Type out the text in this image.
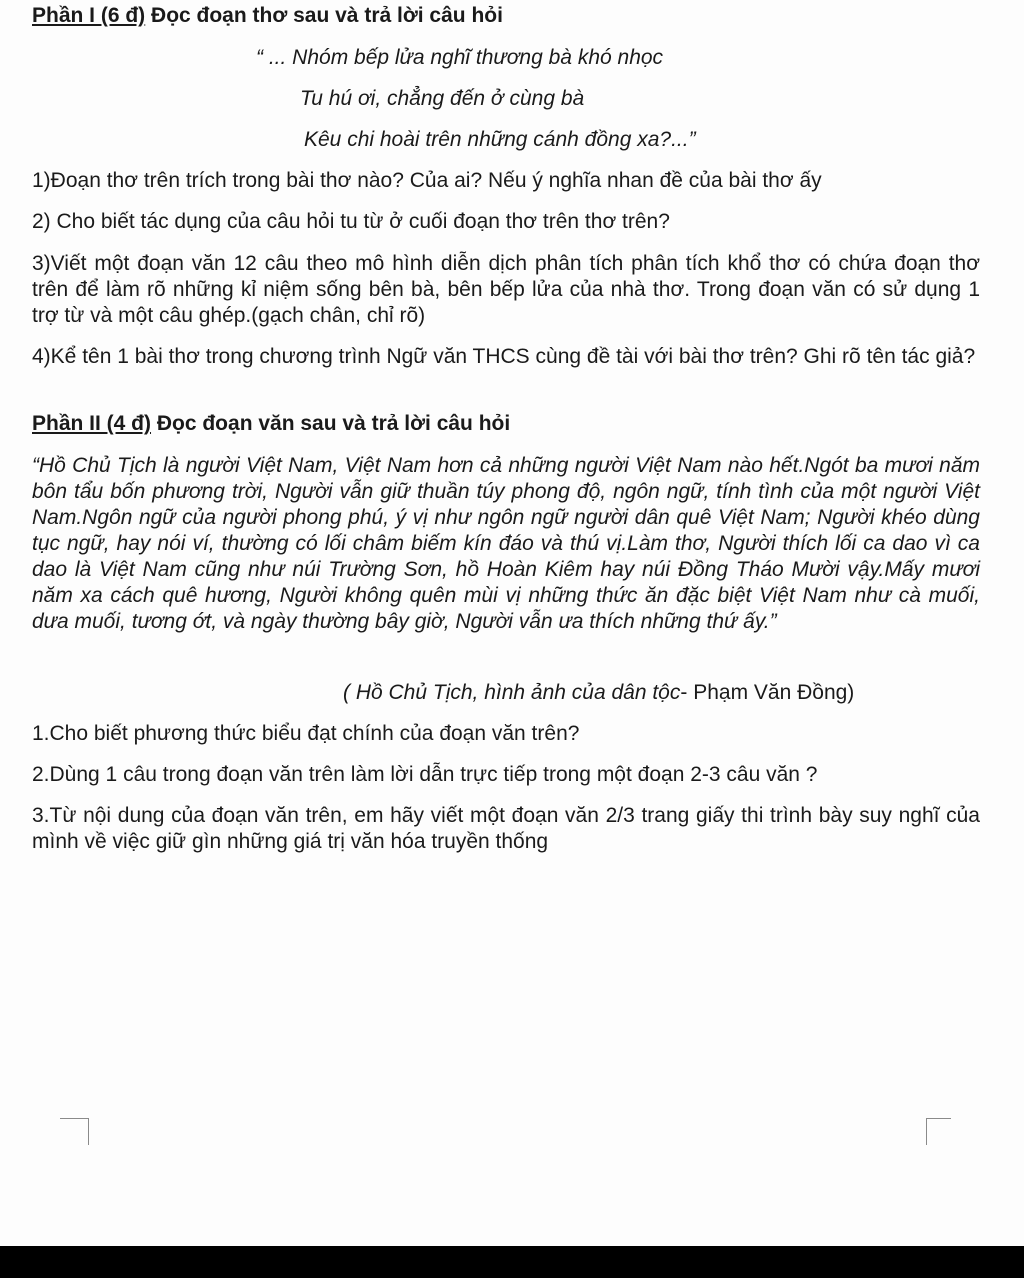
Phần I (6 đ) Đọc đoạn thơ sau và trả lời câu hỏi

“ ... Nhóm bếp lửa nghĩ thương bà khó nhọc

Tu hú ơi, chẳng đến ở cùng bà

Kêu chi hoài trên những cánh đồng xa?...”

1)Đoạn thơ trên trích trong bài thơ nào? Của ai? Nếu ý nghĩa nhan đề của bài thơ ấy

2) Cho biết tác dụng của câu hỏi tu từ ở cuối đoạn thơ trên thơ trên?

3)Viết một đoạn văn 12 câu theo mô hình diễn dịch phân tích phân tích khổ thơ có chứa đoạn thơ trên để làm rõ những kỉ niệm sống bên bà, bên bếp lửa của nhà thơ. Trong đoạn văn có sử dụng 1 trợ từ và một câu ghép.(gạch chân, chỉ rõ)

4)Kể tên 1 bài thơ trong chương trình Ngữ văn THCS cùng đề tài với bài thơ trên? Ghi rõ tên tác giả?

Phần II (4 đ) Đọc đoạn văn sau và trả lời câu hỏi

“Hồ Chủ Tịch là người Việt Nam, Việt Nam hơn cả những người Việt Nam nào hết.Ngót ba mươi năm bôn tẩu bốn phương trời, Người vẫn giữ thuần túy phong độ, ngôn ngữ, tính tình của một người Việt Nam.Ngôn ngữ của người phong phú, ý vị như ngôn ngữ người dân quê Việt Nam; Người khéo dùng tục ngữ, hay nói ví, thường có lối châm biếm kín đáo và thú vị.Làm thơ, Người thích lối ca dao vì ca dao là Việt Nam cũng như núi Trường Sơn, hồ Hoàn Kiêm hay núi Đồng Tháo Mười vậy.Mấy mươi năm xa cách quê hương, Người không quên mùi vị những thức ăn đặc biệt Việt Nam như cà muối, dưa muối, tương ớt, và ngày thường bây giờ, Người vẫn ưa thích những thứ ấy.”

( Hồ Chủ Tịch, hình ảnh của dân tộc- Phạm Văn Đồng)

1.Cho biết phương thức biểu đạt chính của đoạn văn trên?

2.Dùng 1 câu trong đoạn văn trên làm lời dẫn trực tiếp trong một đoạn 2-3 câu văn ?

3.Từ nội dung của đoạn văn trên, em hãy viết một đoạn văn 2/3 trang giấy thi trình bày suy nghĩ của mình về việc giữ gìn những giá trị văn hóa truyền thống
